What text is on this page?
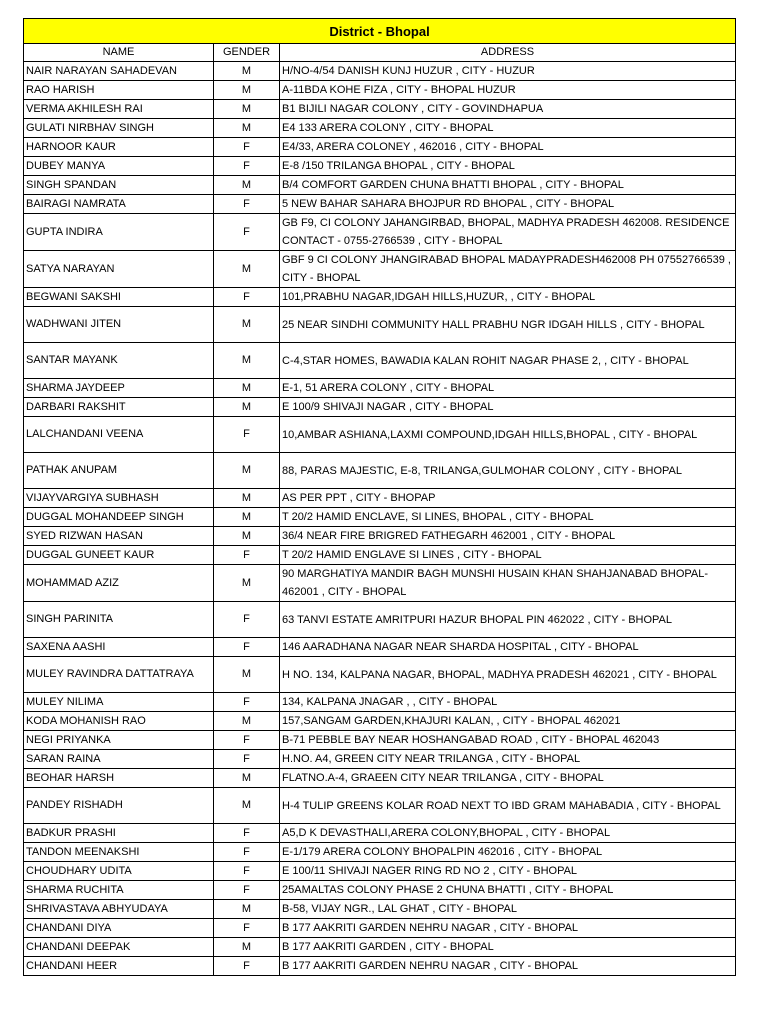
District - Bhopal		
NAME	GENDER	ADDRESS
NAIR NARAYAN SAHADEVAN	M	H/NO-4/54 DANISH KUNJ HUZUR , CITY - HUZUR
RAO HARISH	M	A-11BDA KOHE FIZA , CITY - BHOPAL HUZUR
VERMA AKHILESH RAI	M	B1 BIJILI NAGAR COLONY , CITY - GOVINDHAPUA
GULATI NIRBHAV SINGH	M	E4 133 ARERA COLONY , CITY - BHOPAL
HARNOOR KAUR	F	E4/33, ARERA COLONEY , 462016 , CITY - BHOPAL
DUBEY MANYA	F	E-8 /150 TRILANGA BHOPAL , CITY - BHOPAL
SINGH SPANDAN	M	B/4 COMFORT GARDEN CHUNA BHATTI BHOPAL , CITY - BHOPAL
BAIRAGI NAMRATA	F	5 NEW BAHAR SAHARA BHOJPUR RD BHOPAL , CITY - BHOPAL
GUPTA INDIRA	F	GB F9, CI COLONY JAHANGIRBAD, BHOPAL, MADHYA PRADESH 462008. RESIDENCE CONTACT - 0755-2766539 , CITY - BHOPAL
SATYA NARAYAN	M	GBF 9 CI COLONY JHANGIRABAD BHOPAL MADAYPRADESH462008 PH 07552766539 , CITY - BHOPAL
BEGWANI SAKSHI	F	101,PRABHU NAGAR,IDGAH HILLS,HUZUR, , CITY - BHOPAL
WADHWANI JITEN	M	25 NEAR SINDHI COMMUNITY HALL PRABHU NGR IDGAH HILLS , CITY - BHOPAL
SANTAR MAYANK	M	C-4,STAR HOMES, BAWADIA KALAN ROHIT NAGAR PHASE 2, , CITY - BHOPAL
SHARMA JAYDEEP	M	E-1, 51 ARERA COLONY , CITY - BHOPAL
DARBARI RAKSHIT	M	E 100/9 SHIVAJI NAGAR , CITY - BHOPAL
LALCHANDANI VEENA	F	10,AMBAR ASHIANA,LAXMI COMPOUND,IDGAH HILLS,BHOPAL , CITY - BHOPAL
PATHAK ANUPAM	M	88, PARAS MAJESTIC, E-8, TRILANGA,GULMOHAR COLONY , CITY - BHOPAL
VIJAYVARGIYA SUBHASH	M	AS PER PPT , CITY - BHOPAP
DUGGAL MOHANDEEP SINGH	M	T 20/2 HAMID ENCLAVE, SI LINES, BHOPAL , CITY - BHOPAL
SYED RIZWAN HASAN	M	36/4 NEAR FIRE BRIGRED FATHEGARH 462001 , CITY - BHOPAL
DUGGAL GUNEET KAUR	F	T 20/2 HAMID ENGLAVE SI LINES , CITY - BHOPAL
MOHAMMAD AZIZ	M	90 MARGHATIYA MANDIR BAGH MUNSHI HUSAIN KHAN SHAHJANABAD BHOPAL-462001 , CITY - BHOPAL
SINGH PARINITA	F	63 TANVI ESTATE AMRITPURI HAZUR BHOPAL PIN 462022 , CITY - BHOPAL
SAXENA AASHI	F	146 AARADHANA NAGAR NEAR SHARDA HOSPITAL , CITY - BHOPAL
MULEY RAVINDRA DATTATRAYA	M	H NO. 134, KALPANA NAGAR, BHOPAL, MADHYA PRADESH 462021 , CITY - BHOPAL
MULEY NILIMA	F	134, KALPANA JNAGAR , , CITY - BHOPAL
KODA MOHANISH RAO	M	157,SANGAM GARDEN,KHAJURI KALAN, , CITY - BHOPAL 462021
NEGI PRIYANKA	F	B-71 PEBBLE BAY NEAR HOSHANGABAD ROAD , CITY - BHOPAL 462043
SARAN RAINA	F	H.NO. A4, GREEN CITY NEAR TRILANGA , CITY - BHOPAL
BEOHAR HARSH	M	FLATNO.A-4, GRAEEN CITY NEAR TRILANGA , CITY - BHOPAL
PANDEY RISHADH	M	H-4 TULIP GREENS KOLAR ROAD NEXT TO IBD GRAM MAHABADIA , CITY - BHOPAL
BADKUR PRASHI	F	A5,D K DEVASTHALI,ARERA COLONY,BHOPAL , CITY - BHOPAL
TANDON MEENAKSHI	F	E-1/179 ARERA COLONY BHOPALPIN 462016 , CITY - BHOPAL
CHOUDHARY UDITA	F	E 100/11 SHIVAJI NAGER RING RD NO 2 , CITY - BHOPAL
SHARMA RUCHITA	F	25AMALTAS COLONY PHASE 2 CHUNA BHATTI , CITY - BHOPAL
SHRIVASTAVA ABHYUDAYA	M	B-58, VIJAY NGR., LAL GHAT , CITY - BHOPAL
CHANDANI DIYA	F	B 177 AAKRITI GARDEN NEHRU NAGAR , CITY - BHOPAL
CHANDANI DEEPAK	M	B 177 AAKRITI GARDEN , CITY - BHOPAL
CHANDANI HEER	F	B 177 AAKRITI GARDEN NEHRU NAGAR , CITY - BHOPAL
